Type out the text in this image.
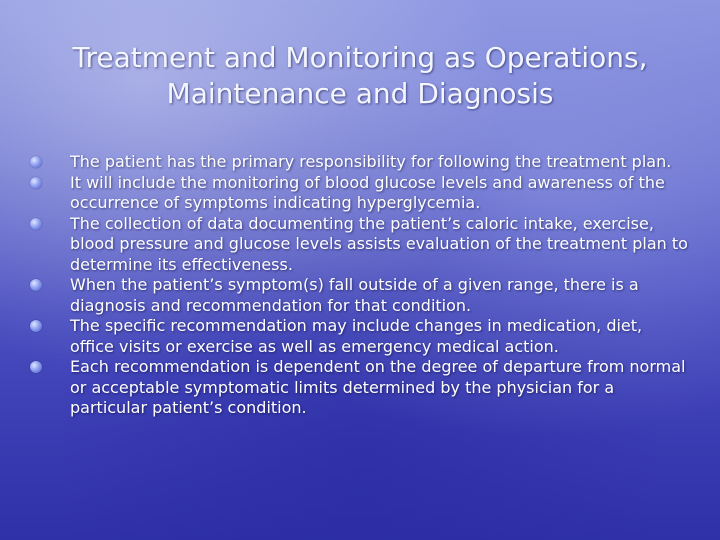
Treatment and Monitoring as Operations,
Maintenance and Diagnosis
The patient has the primary responsibility for following the treatment plan.
It will include the monitoring of blood glucose levels and awareness of the occurrence of symptoms indicating hyperglycemia.
The collection of data documenting the patient’s caloric intake, exercise, blood pressure and glucose levels assists evaluation of the treatment plan to determine its effectiveness.
When the patient’s symptom(s) fall outside of a given range, there is a diagnosis and recommendation for that condition.
The specific recommendation may include changes in medication, diet, office visits or exercise as well as emergency medical action.
Each recommendation is dependent on the degree of departure from normal or acceptable symptomatic limits determined by the physician for a particular patient’s condition.
